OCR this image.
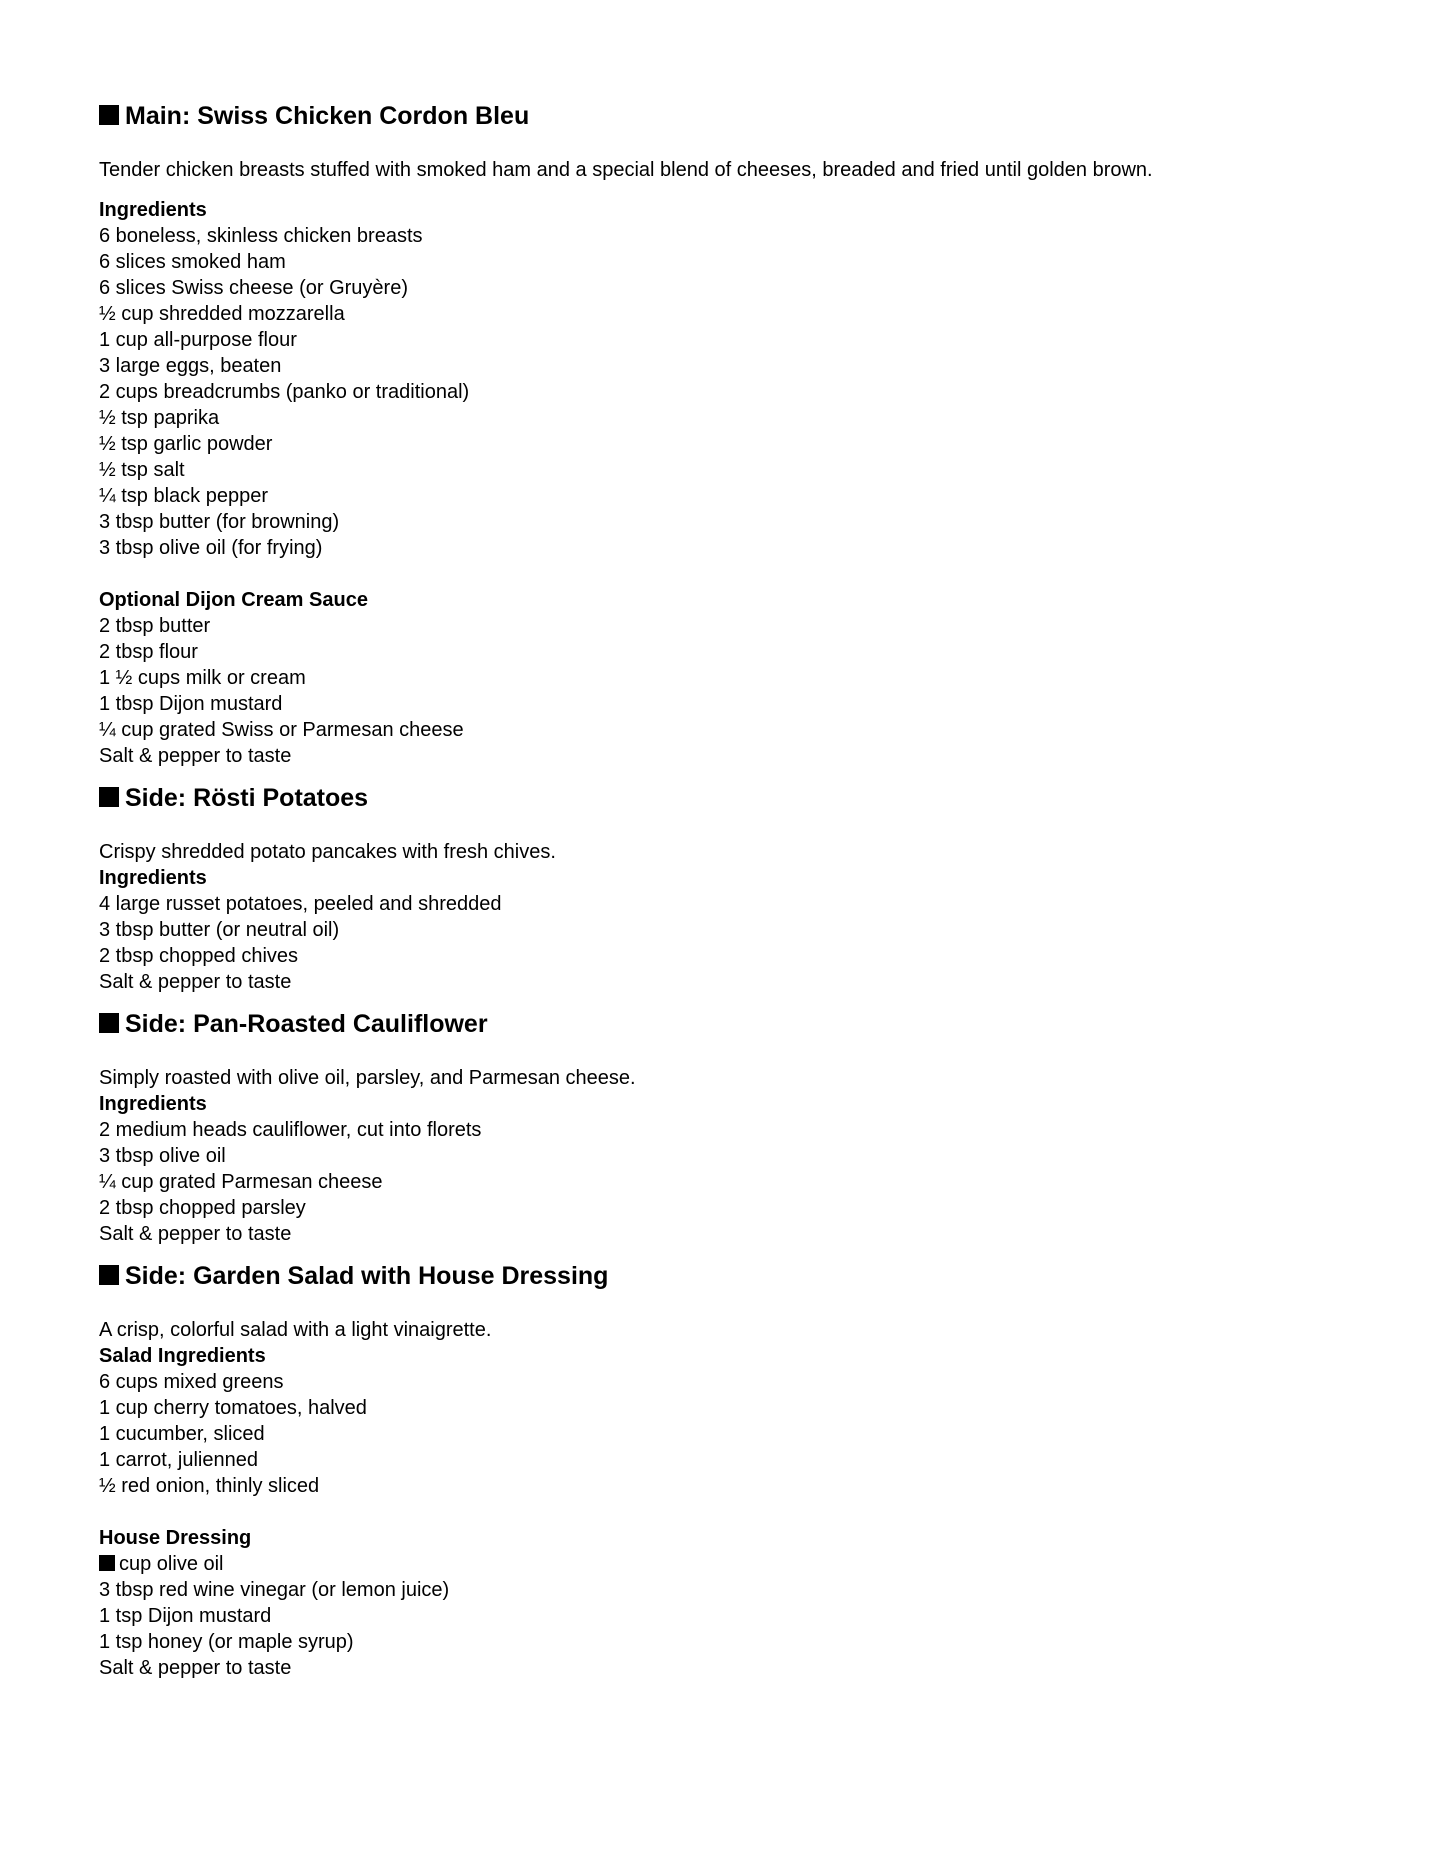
Main: Swiss Chicken Cordon Bleu
Tender chicken breasts stuffed with smoked ham and a special blend of cheeses, breaded and fried until golden brown.
Ingredients
6 boneless, skinless chicken breasts
6 slices smoked ham
6 slices Swiss cheese (or Gruyère)
½ cup shredded mozzarella
1 cup all-purpose flour
3 large eggs, beaten
2 cups breadcrumbs (panko or traditional)
½ tsp paprika
½ tsp garlic powder
½ tsp salt
¼ tsp black pepper
3 tbsp butter (for browning)
3 tbsp olive oil (for frying)
Optional Dijon Cream Sauce
2 tbsp butter
2 tbsp flour
1 ½ cups milk or cream
1 tbsp Dijon mustard
¼ cup grated Swiss or Parmesan cheese
Salt & pepper to taste
Side: Rösti Potatoes
Crispy shredded potato pancakes with fresh chives.
Ingredients
4 large russet potatoes, peeled and shredded
3 tbsp butter (or neutral oil)
2 tbsp chopped chives
Salt & pepper to taste
Side: Pan-Roasted Cauliflower
Simply roasted with olive oil, parsley, and Parmesan cheese.
Ingredients
2 medium heads cauliflower, cut into florets
3 tbsp olive oil
¼ cup grated Parmesan cheese
2 tbsp chopped parsley
Salt & pepper to taste
Side: Garden Salad with House Dressing
A crisp, colorful salad with a light vinaigrette.
Salad Ingredients
6 cups mixed greens
1 cup cherry tomatoes, halved
1 cucumber, sliced
1 carrot, julienned
½ red onion, thinly sliced
House Dressing
cup olive oil
3 tbsp red wine vinegar (or lemon juice)
1 tsp Dijon mustard
1 tsp honey (or maple syrup)
Salt & pepper to taste
